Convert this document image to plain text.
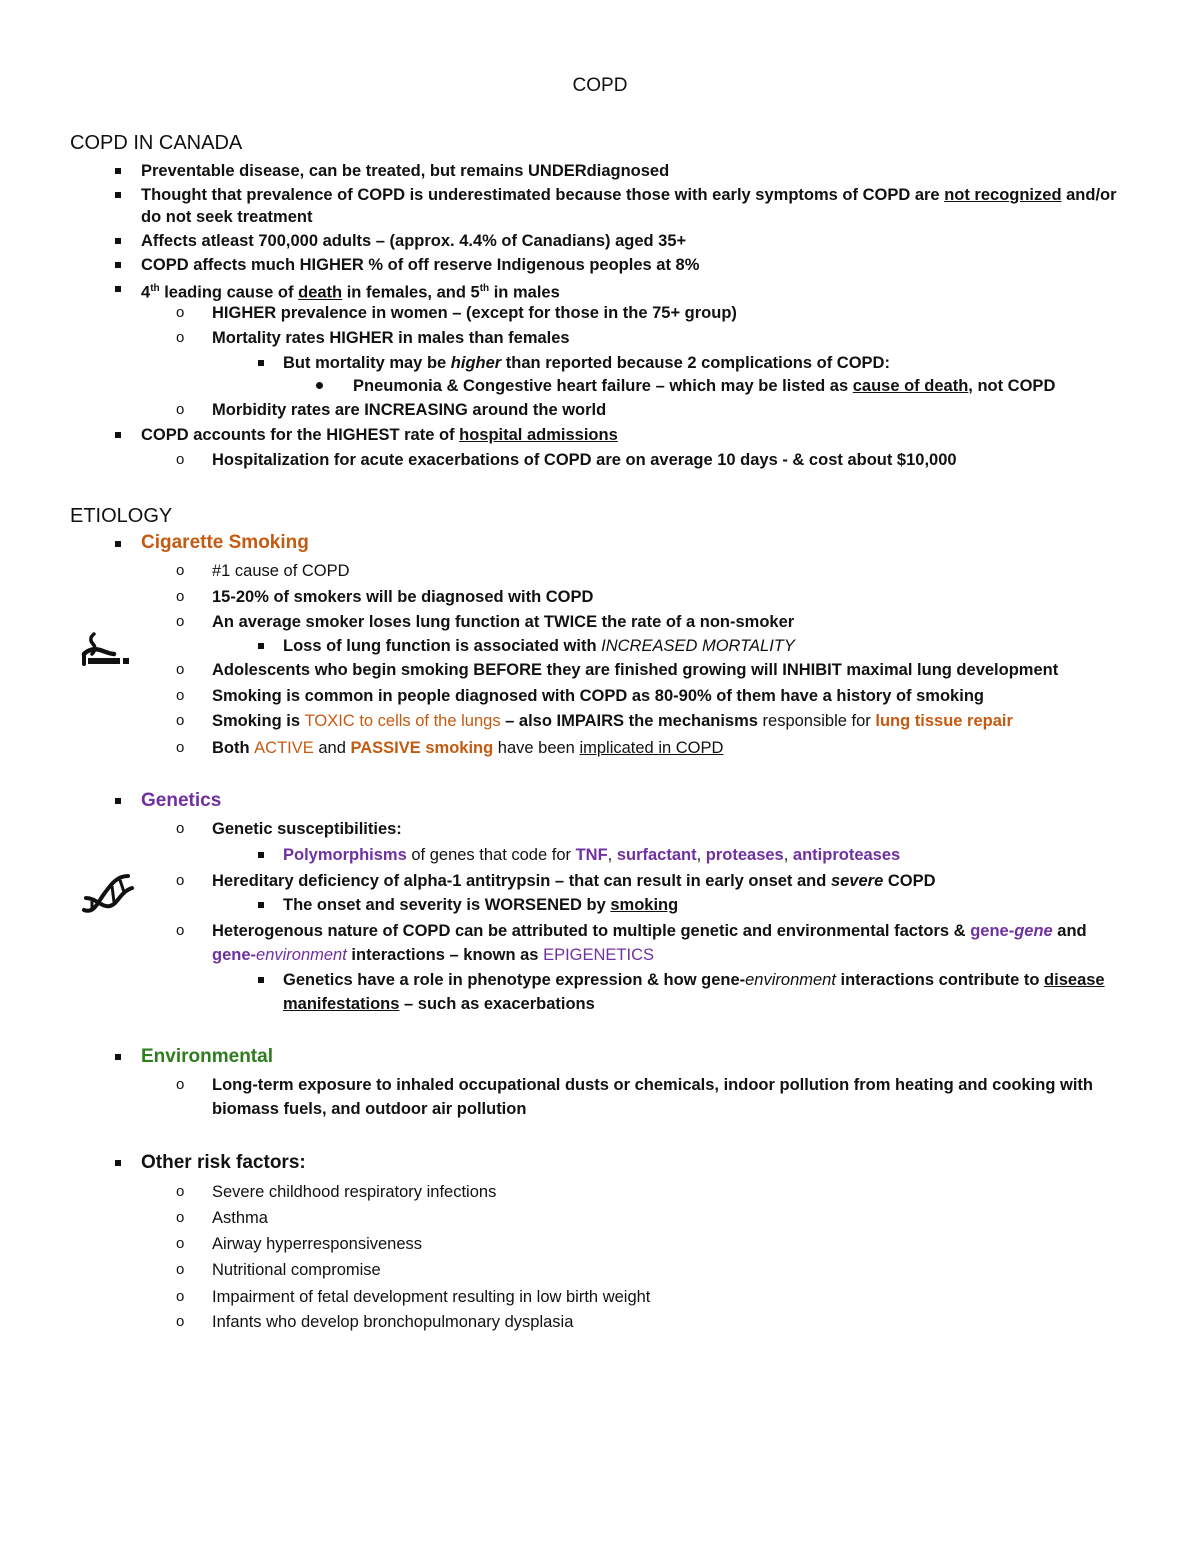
COPD
COPD IN CANADA
Preventable disease, can be treated, but remains UNDERdiagnosed
Thought that prevalence of COPD is underestimated because those with early symptoms of COPD are not recognized and/or
do not seek treatment
Affects atleast 700,000 adults – (approx. 4.4% of Canadians) aged 35+
COPD affects much HIGHER % of off reserve Indigenous peoples at 8%
4th leading cause of death in females, and 5th in males
o HIGHER prevalence in women – (except for those in the 75+ group)
o Mortality rates HIGHER in males than females
But mortality may be higher than reported because 2 complications of COPD:
Pneumonia & Congestive heart failure – which may be listed as cause of death, not COPD
o Morbidity rates are INCREASING around the world
COPD accounts for the HIGHEST rate of hospital admissions
o Hospitalization for acute exacerbations of COPD are on average 10 days - & cost about $10,000
ETIOLOGY
Cigarette Smoking
o #1 cause of COPD
o 15-20% of smokers will be diagnosed with COPD
o An average smoker loses lung function at TWICE the rate of a non-smoker
Loss of lung function is associated with INCREASED MORTALITY
o Adolescents who begin smoking BEFORE they are finished growing will INHIBIT maximal lung development
o Smoking is common in people diagnosed with COPD as 80-90% of them have a history of smoking
o Smoking is TOXIC to cells of the lungs – also IMPAIRS the mechanisms responsible for lung tissue repair
o Both ACTIVE and PASSIVE smoking have been implicated in COPD
Genetics
o Genetic susceptibilities:
Polymorphisms of genes that code for TNF, surfactant, proteases, antiproteases
o Hereditary deficiency of alpha-1 antitrypsin – that can result in early onset and severe COPD
The onset and severity is WORSENED by smoking
o Heterogenous nature of COPD can be attributed to multiple genetic and environmental factors & gene-gene and
gene-environment interactions – known as EPIGENETICS
Genetics have a role in phenotype expression & how gene-environment interactions contribute to disease
manifestations – such as exacerbations
Environmental
o Long-term exposure to inhaled occupational dusts or chemicals, indoor pollution from heating and cooking with
biomass fuels, and outdoor air pollution
Other risk factors:
o Severe childhood respiratory infections
o Asthma
o Airway hyperresponsiveness
o Nutritional compromise
o Impairment of fetal development resulting in low birth weight
o Infants who develop bronchopulmonary dysplasia
